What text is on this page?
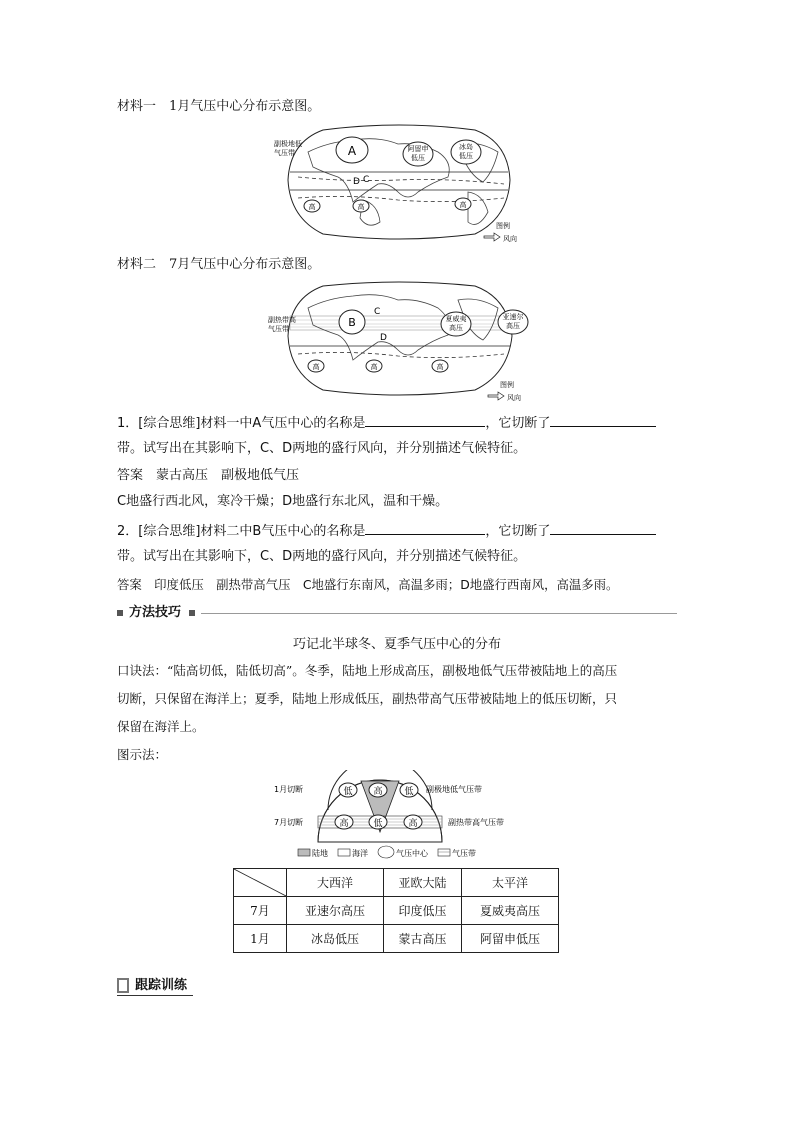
材料一　1月气压中心分布示意图。
A	阿留申
低压
冰岛
低压
D C
高	高	高
副极地低
气压带
图例
风向
材料二　7月气压中心分布示意图。
B
C
D
夏威夷
高压
亚速尔
高压
高	高	高
副热带高
气压带
图例
风向
1．[综合思维]材料一中A气压中心的名称是	，它切断了
带。试写出在其影响下，C、D两地的盛行风向，并分别描述气候特征。
答案　 蒙古高压　副极地低气压
C地盛行西北风，寒冷干燥；D地盛行东北风，温和干燥。
2．[综合思维]材料二中B气压中心的名称是	，它切断了
带。试写出在其影响下，C、D两地的盛行风向，并分别描述气候特征。
答案　 印度低压　副热带高气压　C地盛行东南风，高温多雨；D地盛行西南风，高温多雨。
方法技巧
巧记北半球冬、夏季气压中心的分布
口诀法：“陆高切低，陆低切高”。冬季，陆地上形成高压，副极地低气压带被陆地上的高压
切断，只保留在海洋上；夏季，陆地上形成低压，副热带高气压带被陆地上的低压切断，只
保留在海洋上。
图示法：
低 高 低
高	低	高
1月切断
7月切断
副极地低气压带
副热带高气压带
陆地	海洋	气压中心	气压带
	大西洋	亚欧大陆	太平洋
7月	亚速尔高压	印度低压	夏威夷高压
1月	冰岛低压	蒙古高压	阿留申低压
跟踪训练
